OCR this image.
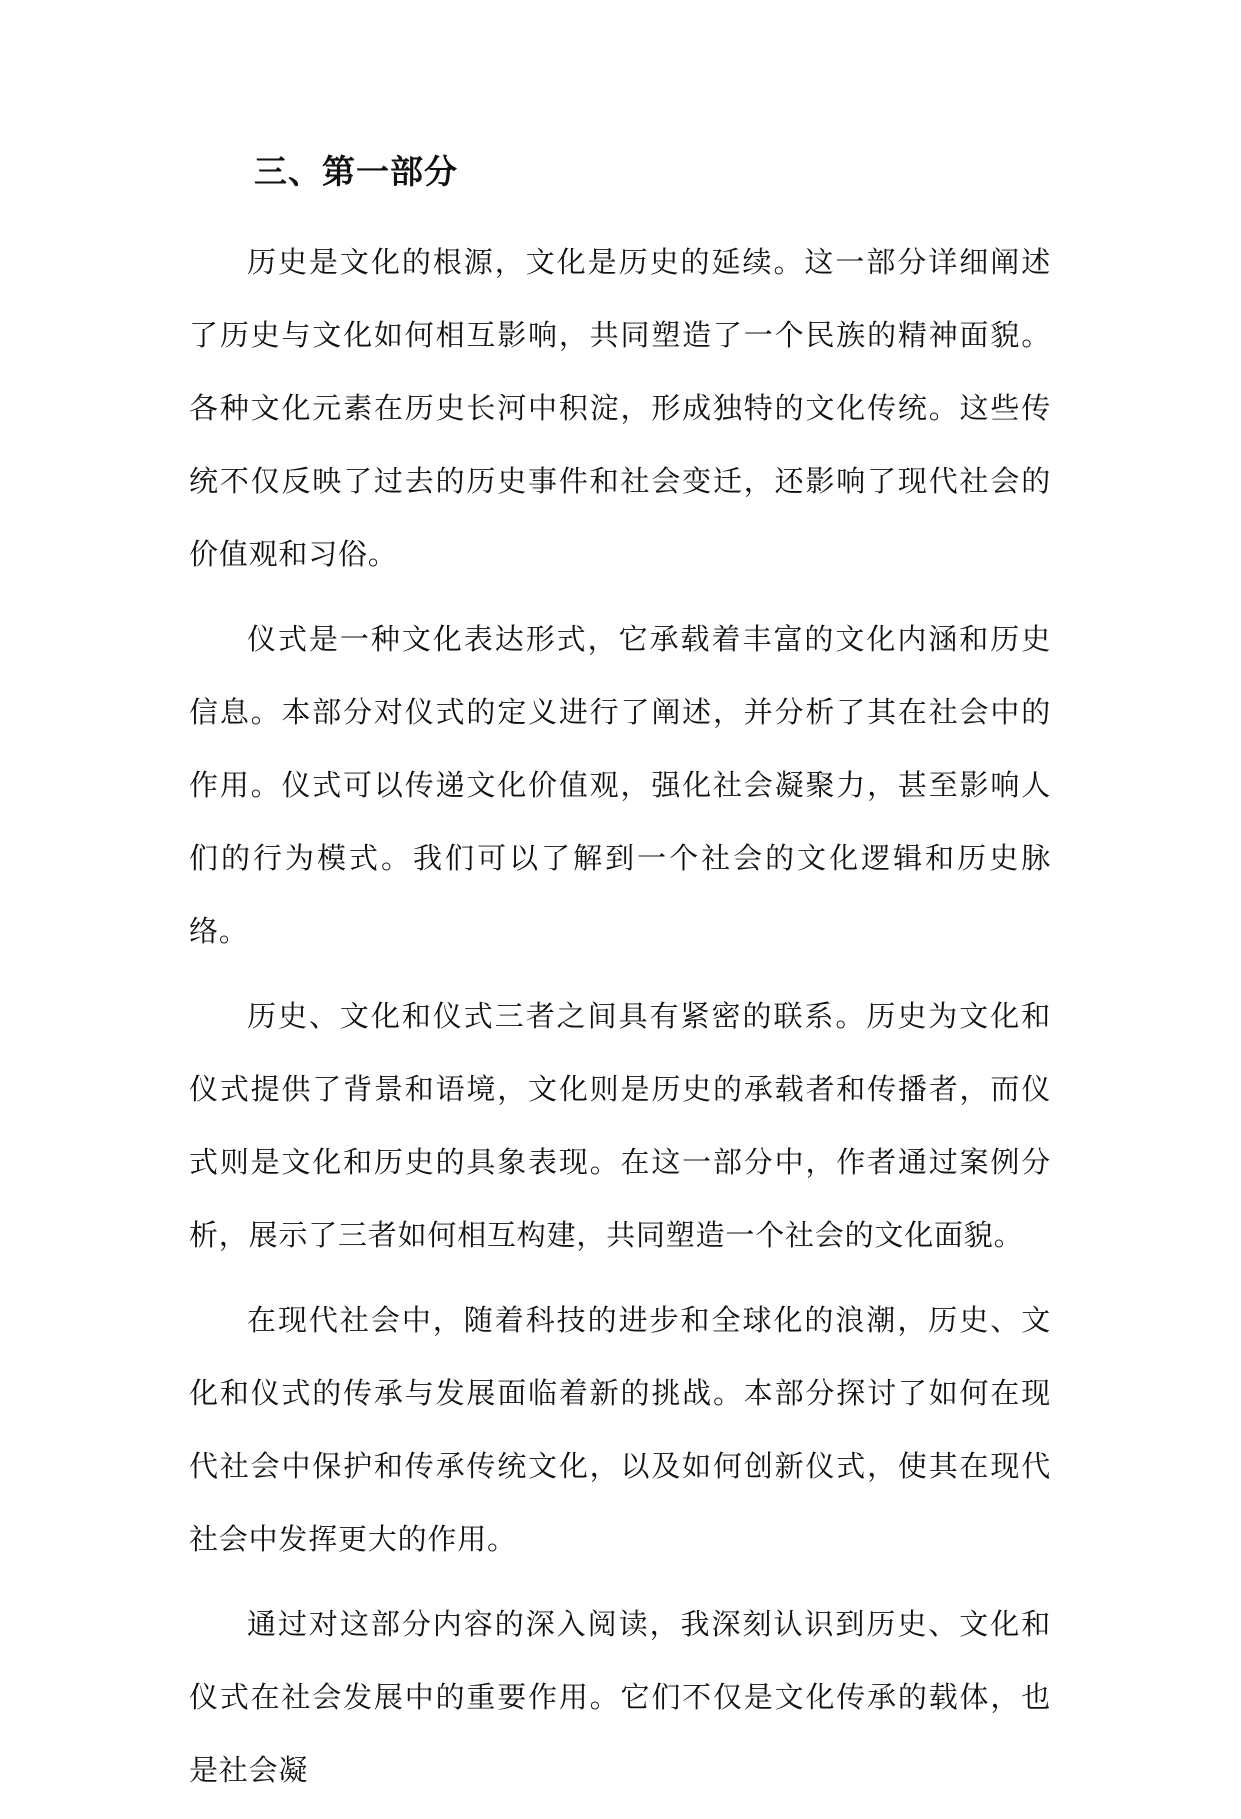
三、第一部分

历史是文化的根源，文化是历史的延续。这一部分详细阐述了历史与文化如何相互影响，共同塑造了一个民族的精神面貌。各种文化元素在历史长河中积淀，形成独特的文化传统。这些传统不仅反映了过去的历史事件和社会变迁，还影响了现代社会的价值观和习俗。

仪式是一种文化表达形式，它承载着丰富的文化内涵和历史信息。本部分对仪式的定义进行了阐述，并分析了其在社会中的作用。仪式可以传递文化价值观，强化社会凝聚力，甚至影响人们的行为模式。我们可以了解到一个社会的文化逻辑和历史脉络。

历史、文化和仪式三者之间具有紧密的联系。历史为文化和仪式提供了背景和语境，文化则是历史的承载者和传播者，而仪式则是文化和历史的具象表现。在这一部分中，作者通过案例分析，展示了三者如何相互构建，共同塑造一个社会的文化面貌。

在现代社会中，随着科技的进步和全球化的浪潮，历史、文化和仪式的传承与发展面临着新的挑战。本部分探讨了如何在现代社会中保护和传承传统文化，以及如何创新仪式，使其在现代社会中发挥更大的作用。

通过对这部分内容的深入阅读，我深刻认识到历史、文化和仪式在社会发展中的重要作用。它们不仅是文化传承的载体，也是社会凝
